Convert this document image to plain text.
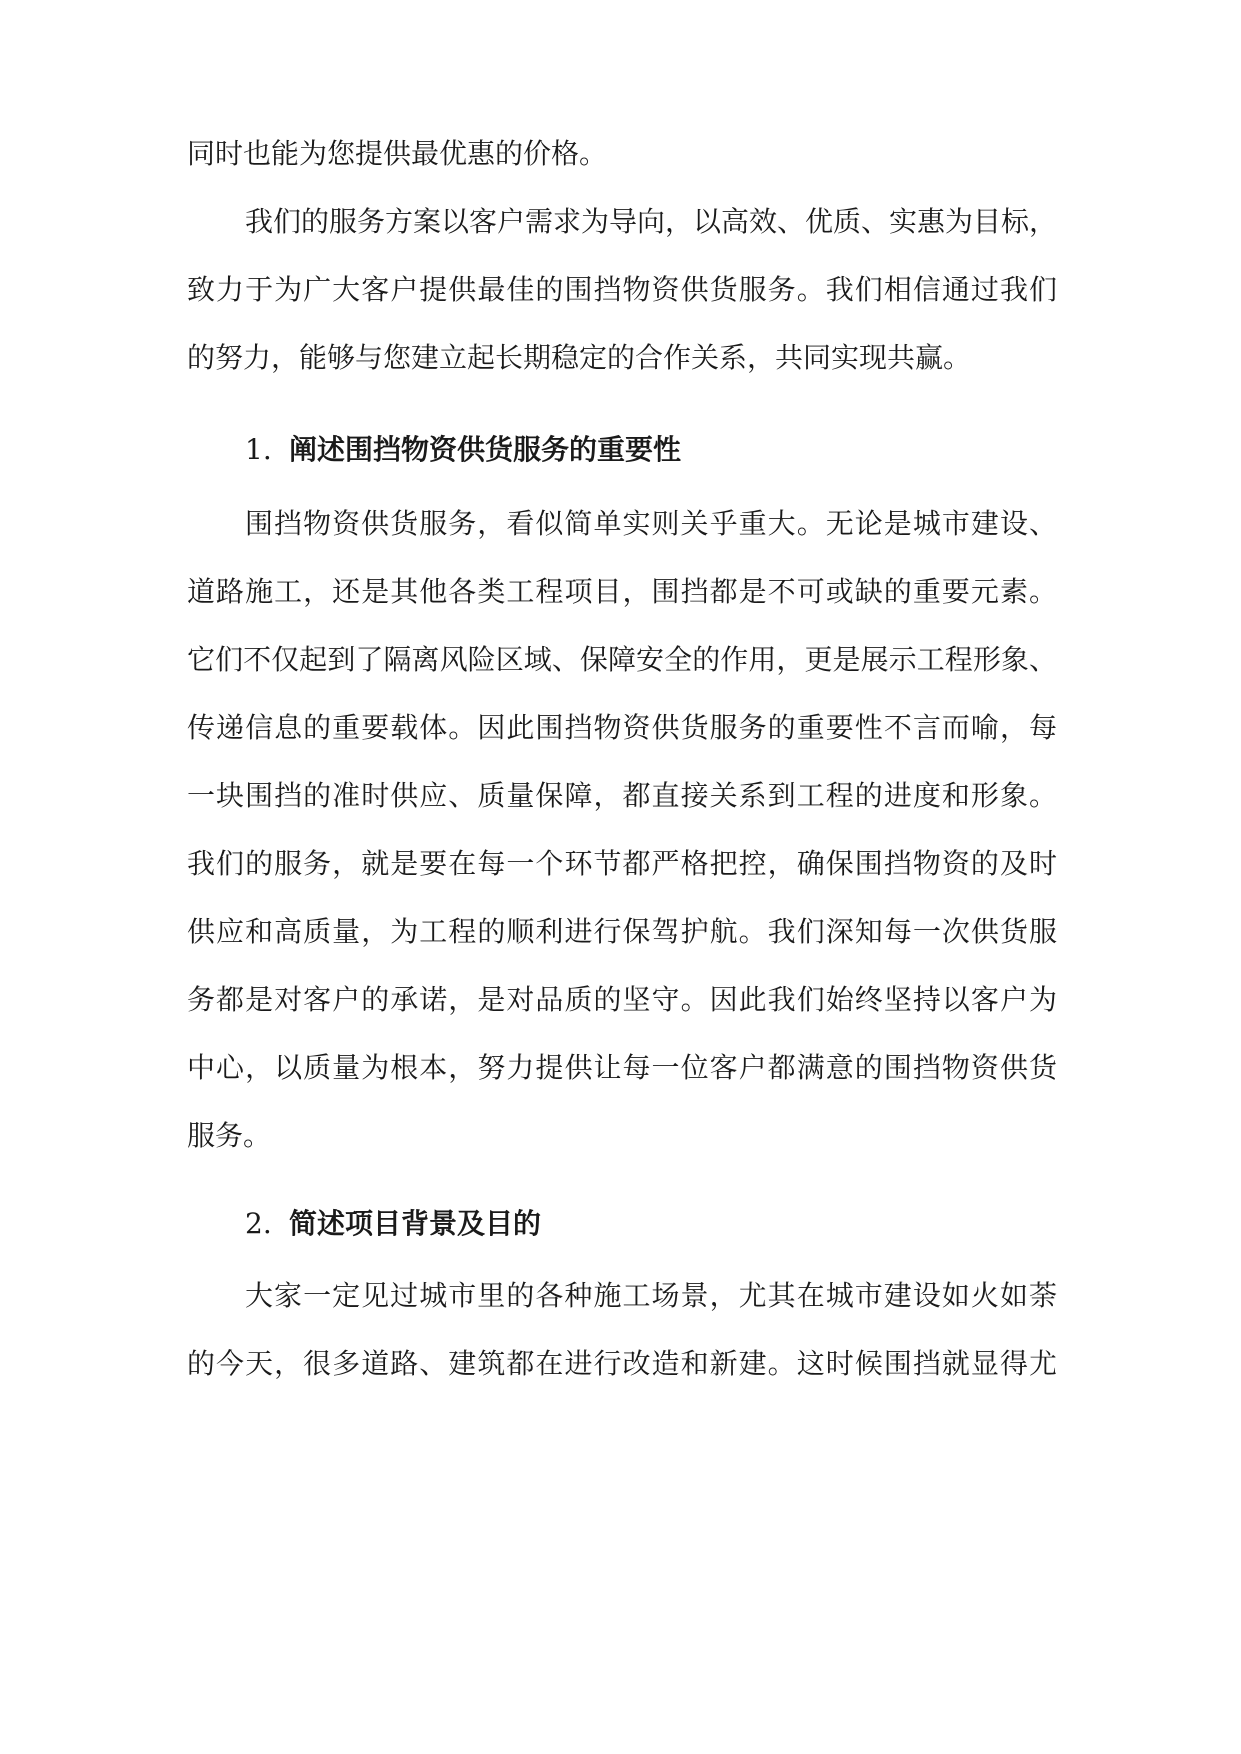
同时也能为您提供最优惠的价格。
我们的服务方案以客户需求为导向，以高效、优质、实惠为目标，
致力于为广大客户提供最佳的围挡物资供货服务。我们相信通过我们
的努力，能够与您建立起长期稳定的合作关系，共同实现共赢。
1. 阐述围挡物资供货服务的重要性
围挡物资供货服务，看似简单实则关乎重大。无论是城市建设、
道路施工，还是其他各类工程项目，围挡都是不可或缺的重要元素。
它们不仅起到了隔离风险区域、保障安全的作用，更是展示工程形象、
传递信息的重要载体。因此围挡物资供货服务的重要性不言而喻，每
一块围挡的准时供应、质量保障，都直接关系到工程的进度和形象。
我们的服务，就是要在每一个环节都严格把控，确保围挡物资的及时
供应和高质量，为工程的顺利进行保驾护航。我们深知每一次供货服
务都是对客户的承诺，是对品质的坚守。因此我们始终坚持以客户为
中心，以质量为根本，努力提供让每一位客户都满意的围挡物资供货
服务。
2. 简述项目背景及目的
大家一定见过城市里的各种施工场景，尤其在城市建设如火如荼
的今天，很多道路、建筑都在进行改造和新建。这时候围挡就显得尤
